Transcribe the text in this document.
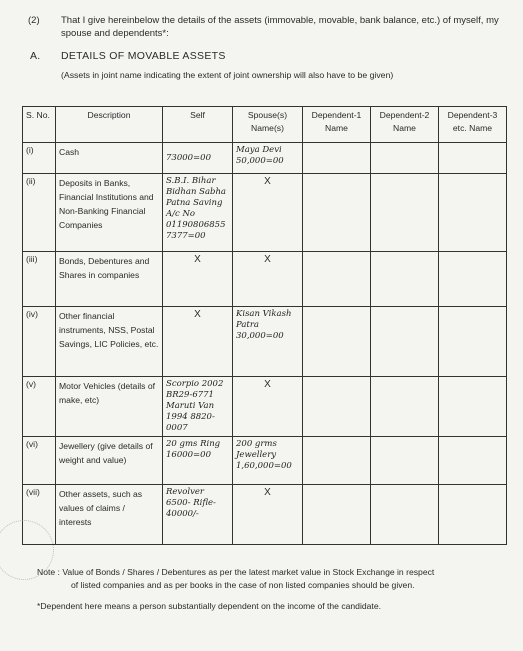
(2) That I give hereinbelow the details of the assets (immovable, movable, bank balance, etc.) of myself, my spouse and dependents*:
A. DETAILS OF MOVABLE ASSETS
(Assets in joint name indicating the extent of joint ownership will also have to be given)
S. No.	Description	Self	Spouse(s) Name(s)	Dependent-1 Name	Dependent-2 Name	Dependent-3 etc. Name
(i)	Cash	73000=00	Maya Devi 50,000=00			
(ii)	Deposits in Banks, Financial Institutions and Non-Banking Financial Companies	S.B.I. Bihar Bidhan Sabha Patna Saving A/c No 01190806855 7377=00	X			
(iii)	Bonds, Debentures and Shares in companies	X	X			
(iv)	Other financial instruments, NSS, Postal Savings, LIC Policies, etc.	X	Kisan Vikash Patra 30,000=00			
(v)	Motor Vehicles (details of make, etc)	Scorpio 2002 BR29-6771 Maruti Van 1994 8820-0007	X			
(vi)	Jewellery (give details of weight and value)	20 gms Ring 16000=00	200 grms Jewellery 1,60,000=00			
(vii)	Other assets, such as values of claims / interests	Revolver 6500- Rifle-40000/-	X			
Note : Value of Bonds / Shares / Debentures as per the latest market value in Stock Exchange in respect
of listed companies and as per books in the case of non listed companies should be given.
*Dependent here means a person substantially dependent on the income of the candidate.
